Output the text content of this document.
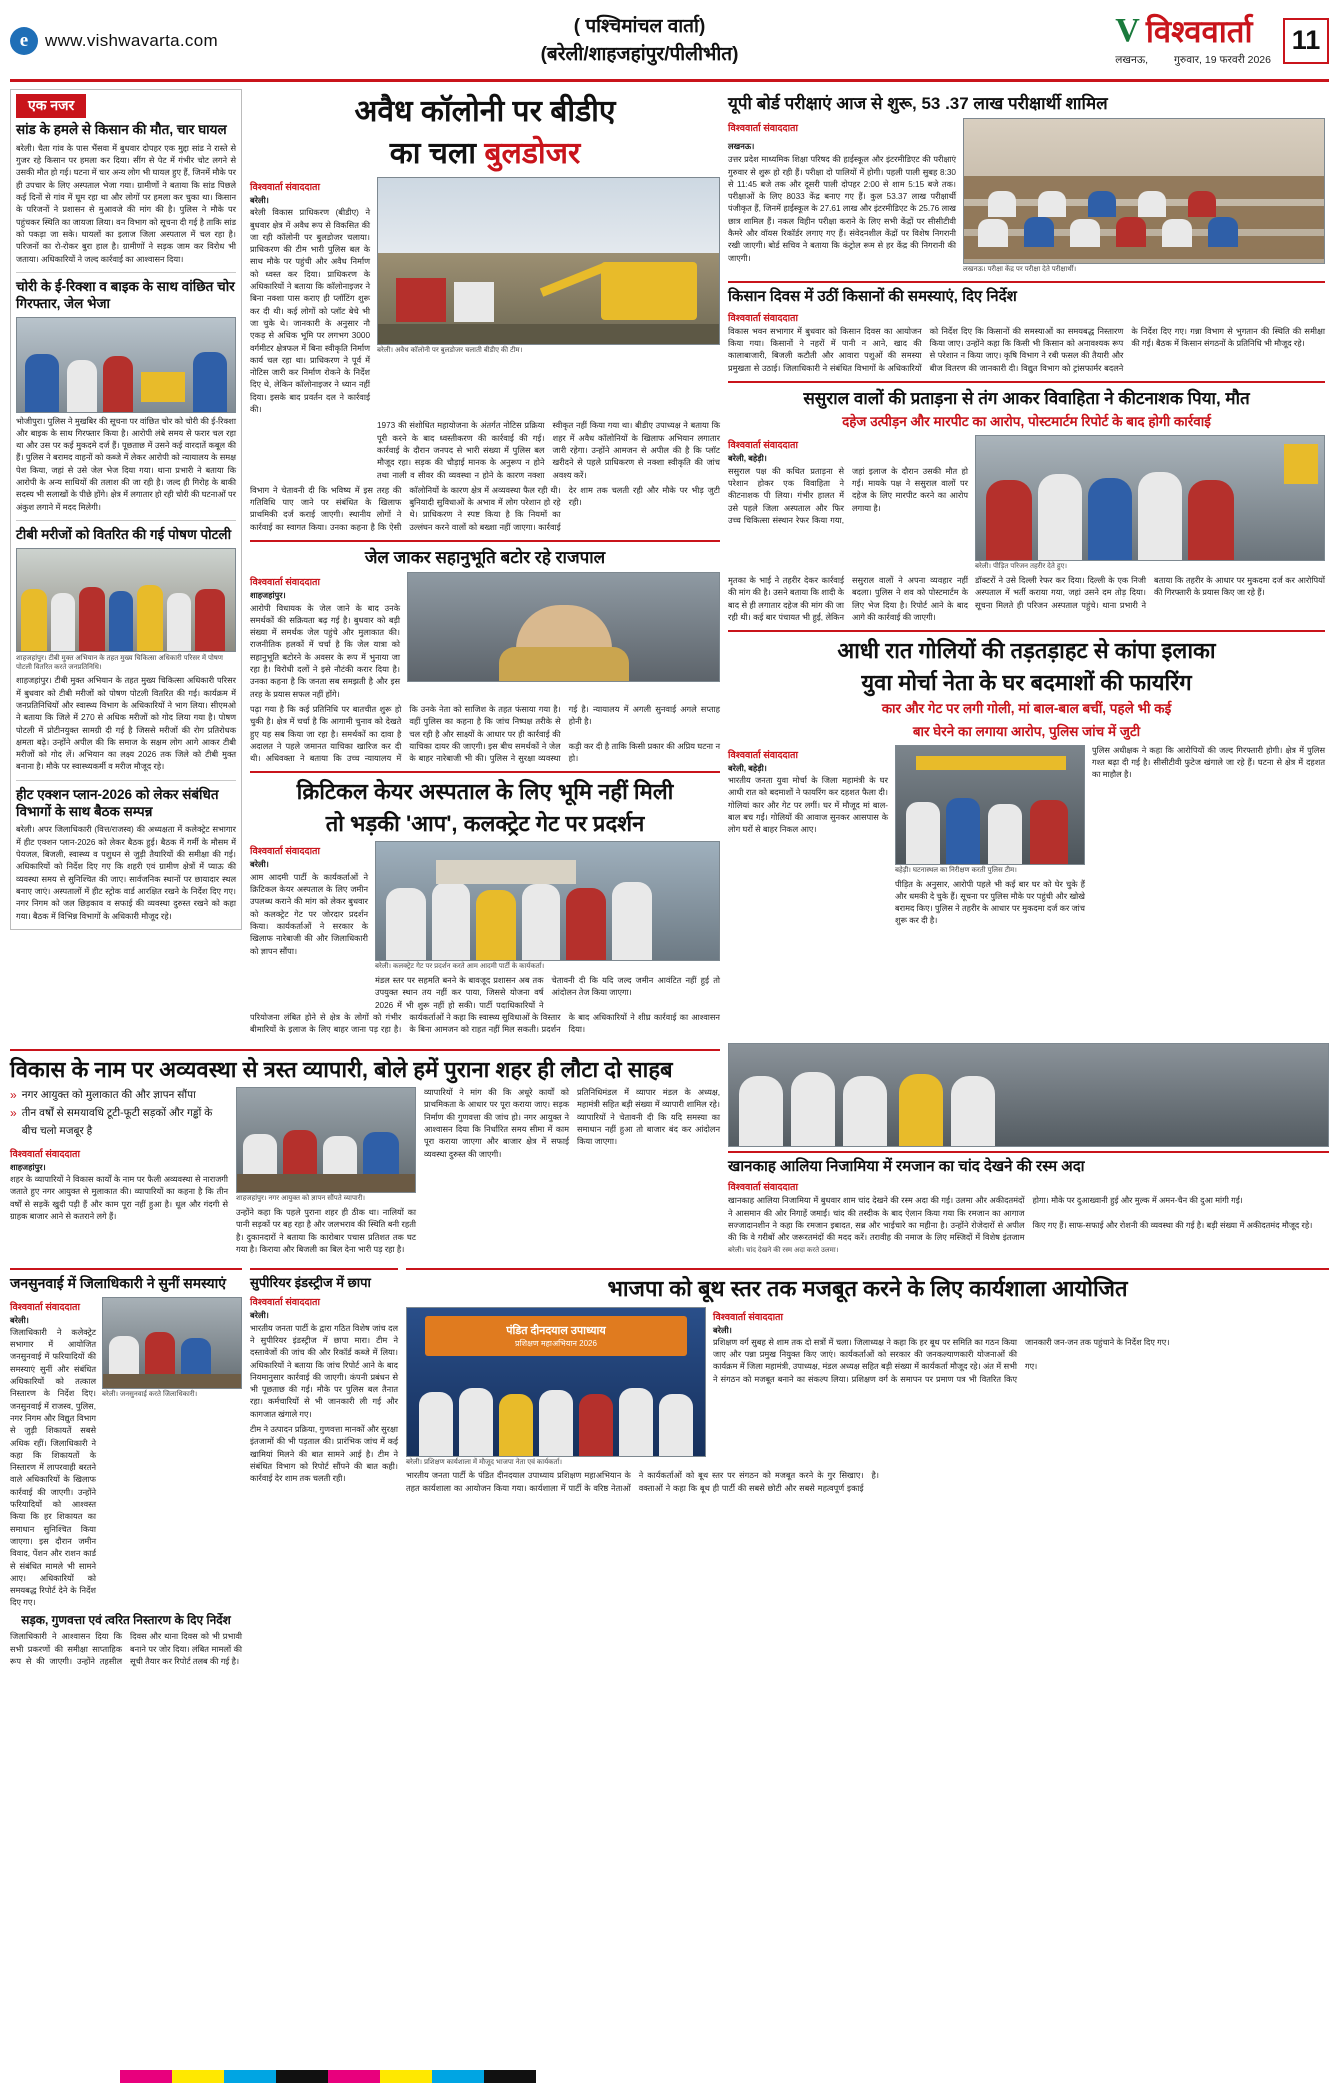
e www.vishwavarta.com
( पश्चिमांचल वार्ता)
(बरेली/शाहजहांपुर/पीलीभीत)
V विश्ववार्ता
लखनऊ, गुरुवार, 19 फरवरी 2026
11
एक नजर
सांड के हमले से किसान की मौत, चार घायल
बरेली। चैता गांव के पास भैंसवा में बुधवार दोपहर एक मुद्दा सांड ने रास्ते से गुजर रहे किसान पर हमला कर दिया। सींग से पेट में गंभीर चोट लगने से उसकी मौत हो गई। घटना में चार अन्य लोग भी घायल हुए हैं, जिनमें मौके पर ही उपचार के लिए अस्पताल भेजा गया। ग्रामीणों ने बताया कि सांड पिछले कई दिनों से गांव में घूम रहा था और लोगों पर हमला कर चुका था। किसान के परिजनों ने प्रशासन से मुआवजे की मांग की है। पुलिस ने मौके पर पहुंचकर स्थिति का जायजा लिया। वन विभाग को सूचना दी गई है ताकि सांड को पकड़ा जा सके। घायलों का इलाज जिला अस्पताल में चल रहा है। परिजनों का रो-रोकर बुरा हाल है। ग्रामीणों ने सड़क जाम कर विरोध भी जताया। अधिकारियों ने जल्द कार्रवाई का आश्वासन दिया।
चोरी के ई-रिक्शा व बाइक के साथ वांछित चोर गिरफ्तार, जेल भेजा
भोजीपुरा। पुलिस ने मुखबिर की सूचना पर वांछित चोर को चोरी की ई-रिक्शा और बाइक के साथ गिरफ्तार किया है। आरोपी लंबे समय से फरार चल रहा था और उस पर कई मुकदमे दर्ज हैं। पूछताछ में उसने कई वारदातें कबूल की हैं। पुलिस ने बरामद वाहनों को कब्जे में लेकर आरोपी को न्यायालय के समक्ष पेश किया, जहां से उसे जेल भेज दिया गया। थाना प्रभारी ने बताया कि आरोपी के अन्य साथियों की तलाश की जा रही है। जल्द ही गिरोह के बाकी सदस्य भी सलाखों के पीछे होंगे। क्षेत्र में लगातार हो रही चोरी की घटनाओं पर अंकुश लगाने में मदद मिलेगी।
टीबी मरीजों को वितरित की गई पोषण पोटली
शाहजहांपुर। टीबी मुक्त अभियान के तहत मुख्य चिकित्सा अधिकारी परिसर में पोषण पोटली वितरित करते जनप्रतिनिधि।
शाहजहांपुर। टीबी मुक्त अभियान के तहत मुख्य चिकित्सा अधिकारी परिसर में बुधवार को टीबी मरीजों को पोषण पोटली वितरित की गई। कार्यक्रम में जनप्रतिनिधियों और स्वास्थ्य विभाग के अधिकारियों ने भाग लिया। सीएमओ ने बताया कि जिले में 270 से अधिक मरीजों को गोद लिया गया है। पोषण पोटली में प्रोटीनयुक्त सामग्री दी गई है जिससे मरीजों की रोग प्रतिरोधक क्षमता बढ़े। उन्होंने अपील की कि समाज के सक्षम लोग आगे आकर टीबी मरीजों को गोद लें। अभियान का लक्ष्य 2026 तक जिले को टीबी मुक्त बनाना है। मौके पर स्वास्थ्यकर्मी व मरीज मौजूद रहे।
हीट एक्शन प्लान-2026 को लेकर संबंधित विभागों के साथ बैठक सम्पन्न
बरेली। अपर जिलाधिकारी (वित्त/राजस्व) की अध्यक्षता में कलेक्ट्रेट सभागार में हीट एक्शन प्लान-2026 को लेकर बैठक हुई। बैठक में गर्मी के मौसम में पेयजल, बिजली, स्वास्थ्य व पशुधन से जुड़ी तैयारियों की समीक्षा की गई। अधिकारियों को निर्देश दिए गए कि शहरी एवं ग्रामीण क्षेत्रों में प्याऊ की व्यवस्था समय से सुनिश्चित की जाए। सार्वजनिक स्थानों पर छायादार स्थल बनाए जाएं। अस्पतालों में हीट स्ट्रोक वार्ड आरक्षित रखने के निर्देश दिए गए। नगर निगम को जल छिड़काव व सफाई की व्यवस्था दुरुस्त रखने को कहा गया। बैठक में विभिन्न विभागों के अधिकारी मौजूद रहे।
अवैध कॉलोनी पर बीडीए
का चला बुलडोजर
विश्ववार्ता संवाददाता
बरेली।
बरेली विकास प्राधिकरण (बीडीए) ने बुधवार क्षेत्र में अवैध रूप से विकसित की जा रही कॉलोनी पर बुलडोजर चलाया। प्राधिकरण की टीम भारी पुलिस बल के साथ मौके पर पहुंची और अवैध निर्माण को ध्वस्त कर दिया। प्राधिकरण के अधिकारियों ने बताया कि कॉलोनाइजर ने बिना नक्शा पास कराए ही प्लॉटिंग शुरू कर दी थी। कई लोगों को प्लॉट बेचे भी जा चुके थे। जानकारी के अनुसार नौ एकड़ से अधिक भूमि पर लगभग 3000 वर्गमीटर क्षेत्रफल में बिना स्वीकृति निर्माण कार्य चल रहा था। प्राधिकरण ने पूर्व में नोटिस जारी कर निर्माण रोकने के निर्देश दिए थे, लेकिन कॉलोनाइजर ने ध्यान नहीं दिया। इसके बाद प्रवर्तन दल ने कार्रवाई की।
बरेली। अवैध कॉलोनी पर बुलडोजर चलाती बीडीए की टीम।
1973 की संशोधित महायोजना के अंतर्गत नोटिस प्रक्रिया पूरी करने के बाद ध्वस्तीकरण की कार्रवाई की गई। कार्रवाई के दौरान जनपद से भारी संख्या में पुलिस बल मौजूद रहा। सड़क की चौड़ाई मानक के अनुरूप न होने तथा नाली व सीवर की व्यवस्था न होने के कारण नक्शा स्वीकृत नहीं किया गया था। बीडीए उपाध्यक्ष ने बताया कि शहर में अवैध कॉलोनियों के खिलाफ अभियान लगातार जारी रहेगा। उन्होंने आमजन से अपील की है कि प्लॉट खरीदने से पहले प्राधिकरण से नक्शा स्वीकृति की जांच अवश्य करें।
विभाग ने चेतावनी दी कि भविष्य में इस तरह की गतिविधि पाए जाने पर संबंधित के खिलाफ प्राथमिकी दर्ज कराई जाएगी। स्थानीय लोगों ने कार्रवाई का स्वागत किया। उनका कहना है कि ऐसी कॉलोनियों के कारण क्षेत्र में अव्यवस्था फैल रही थी। बुनियादी सुविधाओं के अभाव में लोग परेशान हो रहे थे। प्राधिकरण ने स्पष्ट किया है कि नियमों का उल्लंघन करने वालों को बख्शा नहीं जाएगा। कार्रवाई देर शाम तक चलती रही और मौके पर भीड़ जुटी रही।
जेल जाकर सहानुभूति बटोर रहे राजपाल
विश्ववार्ता संवाददाता
शाहजहांपुर।
आरोपी विधायक के जेल जाने के बाद उनके समर्थकों की सक्रियता बढ़ गई है। बुधवार को बड़ी संख्या में समर्थक जेल पहुंचे और मुलाकात की। राजनीतिक हलकों में चर्चा है कि जेल यात्रा को सहानुभूति बटोरने के अवसर के रूप में भुनाया जा रहा है। विरोधी दलों ने इसे नौटंकी करार दिया है। उनका कहना है कि जनता सब समझती है और इस तरह के प्रयास सफल नहीं होंगे।
पढ़ा गया है कि कई प्रतिनिधि पर बातचीत शुरू हो चुकी है। क्षेत्र में चर्चा है कि आगामी चुनाव को देखते हुए यह सब किया जा रहा है। समर्थकों का दावा है कि उनके नेता को साजिश के तहत फंसाया गया है। वहीं पुलिस का कहना है कि जांच निष्पक्ष तरीके से चल रही है और साक्ष्यों के आधार पर ही कार्रवाई की गई है। न्यायालय में अगली सुनवाई अगले सप्ताह होनी है।
अदालत ने पहले जमानत याचिका खारिज कर दी थी। अधिवक्ता ने बताया कि उच्च न्यायालय में याचिका दायर की जाएगी। इस बीच समर्थकों ने जेल के बाहर नारेबाजी भी की। पुलिस ने सुरक्षा व्यवस्था कड़ी कर दी है ताकि किसी प्रकार की अप्रिय घटना न हो।
क्रिटिकल केयर अस्पताल के लिए भूमि नहीं मिली
तो भड़की 'आप', कलक्ट्रेट गेट पर प्रदर्शन
विश्ववार्ता संवाददाता
बरेली।
आम आदमी पार्टी के कार्यकर्ताओं ने क्रिटिकल केयर अस्पताल के लिए जमीन उपलब्ध कराने की मांग को लेकर बुधवार को कलक्ट्रेट गेट पर जोरदार प्रदर्शन किया। कार्यकर्ताओं ने सरकार के खिलाफ नारेबाजी की और जिलाधिकारी को ज्ञापन सौंपा।
बरेली। कलक्ट्रेट गेट पर प्रदर्शन करते आम आदमी पार्टी के कार्यकर्ता।
मंडल स्तर पर सहमति बनने के बावजूद प्रशासन अब तक उपयुक्त स्थान तय नहीं कर पाया, जिससे योजना वर्ष 2026 में भी शुरू नहीं हो सकी। पार्टी पदाधिकारियों ने चेतावनी दी कि यदि जल्द जमीन आवंटित नहीं हुई तो आंदोलन तेज किया जाएगा।
परियोजना लंबित होने से क्षेत्र के लोगों को गंभीर बीमारियों के इलाज के लिए बाहर जाना पड़ रहा है। कार्यकर्ताओं ने कहा कि स्वास्थ्य सुविधाओं के विस्तार के बिना आमजन को राहत नहीं मिल सकती। प्रदर्शन के बाद अधिकारियों ने शीघ्र कार्रवाई का आश्वासन दिया।
यूपी बोर्ड परीक्षाएं आज से शुरू, 53 .37 लाख परीक्षार्थी शामिल
विश्ववार्ता संवाददाता
लखनऊ।
उत्तर प्रदेश माध्यमिक शिक्षा परिषद की हाईस्कूल और इंटरमीडिएट की परीक्षाएं गुरुवार से शुरू हो रही हैं। परीक्षा दो पालियों में होगी। पहली पाली सुबह 8:30 से 11:45 बजे तक और दूसरी पाली दोपहर 2:00 से शाम 5:15 बजे तक। परीक्षाओं के लिए 8033 केंद्र बनाए गए हैं। कुल 53.37 लाख परीक्षार्थी पंजीकृत हैं, जिनमें हाईस्कूल के 27.61 लाख और इंटरमीडिएट के 25.76 लाख छात्र शामिल हैं। नकल विहीन परीक्षा कराने के लिए सभी केंद्रों पर सीसीटीवी कैमरे और वॉयस रिकॉर्डर लगाए गए हैं। संवेदनशील केंद्रों पर विशेष निगरानी रखी जाएगी। बोर्ड सचिव ने बताया कि कंट्रोल रूम से हर केंद्र की निगरानी की जाएगी।
लखनऊ। परीक्षा केंद्र पर परीक्षा देते परीक्षार्थी।
किसान दिवस में उठीं किसानों की समस्याएं, दिए निर्देश
विश्ववार्ता संवाददाता
विकास भवन सभागार में बुधवार को किसान दिवस का आयोजन किया गया। किसानों ने नहरों में पानी न आने, खाद की कालाबाजारी, बिजली कटौती और आवारा पशुओं की समस्या प्रमुखता से उठाई। जिलाधिकारी ने संबंधित विभागों के अधिकारियों को निर्देश दिए कि किसानों की समस्याओं का समयबद्ध निस्तारण किया जाए। उन्होंने कहा कि किसी भी किसान को अनावश्यक रूप से परेशान न किया जाए। कृषि विभाग ने रबी फसल की तैयारी और बीज वितरण की जानकारी दी। विद्युत विभाग को ट्रांसफार्मर बदलने के निर्देश दिए गए। गन्ना विभाग से भुगतान की स्थिति की समीक्षा की गई। बैठक में किसान संगठनों के प्रतिनिधि भी मौजूद रहे।
ससुराल वालों की प्रताड़ना से तंग आकर विवाहिता ने कीटनाशक पिया, मौत
दहेज उत्पीड़न और मारपीट का आरोप, पोस्टमार्टम रिपोर्ट के बाद होगी कार्रवाई
विश्ववार्ता संवाददाता
बरेली, बहेड़ी।
ससुराल पक्ष की कथित प्रताड़ना से परेशान होकर एक विवाहिता ने कीटनाशक पी लिया। गंभीर हालत में उसे पहले जिला अस्पताल और फिर उच्च चिकित्सा संस्थान रेफर किया गया, जहां इलाज के दौरान उसकी मौत हो गई। मायके पक्ष ने ससुराल वालों पर दहेज के लिए मारपीट करने का आरोप लगाया है।
बरेली। पीड़ित परिजन तहरीर देते हुए।
मृतका के भाई ने तहरीर देकर कार्रवाई की मांग की है। उसने बताया कि शादी के बाद से ही लगातार दहेज की मांग की जा रही थी। कई बार पंचायत भी हुई, लेकिन ससुराल वालों ने अपना व्यवहार नहीं बदला। पुलिस ने शव को पोस्टमार्टम के लिए भेज दिया है। रिपोर्ट आने के बाद आगे की कार्रवाई की जाएगी।
डॉक्टरों ने उसे दिल्ली रेफर कर दिया। दिल्ली के एक निजी अस्पताल में भर्ती कराया गया, जहां उसने दम तोड़ दिया। सूचना मिलते ही परिजन अस्पताल पहुंचे। थाना प्रभारी ने बताया कि तहरीर के आधार पर मुकदमा दर्ज कर आरोपियों की गिरफ्तारी के प्रयास किए जा रहे हैं।
आधी रात गोलियों की तड़तड़ाहट से कांपा इलाका
युवा मोर्चा नेता के घर बदमाशों की फायरिंग
कार और गेट पर लगी गोली, मां बाल-बाल बचीं, पहले भी कई
बार घेरने का लगाया आरोप, पुलिस जांच में जुटी
विश्ववार्ता संवाददाता
बरेली, बहेड़ी।
भारतीय जनता युवा मोर्चा के जिला महामंत्री के घर आधी रात को बदमाशों ने फायरिंग कर दहशत फैला दी। गोलियां कार और गेट पर लगीं। घर में मौजूद मां बाल-बाल बच गईं। गोलियों की आवाज सुनकर आसपास के लोग घरों से बाहर निकल आए।
बहेड़ी। घटनास्थल का निरीक्षण करती पुलिस टीम।
पीड़ित के अनुसार, आरोपी पहले भी कई बार घर को घेर चुके हैं और धमकी दे चुके हैं। सूचना पर पुलिस मौके पर पहुंची और खोखे बरामद किए। पुलिस ने तहरीर के आधार पर मुकदमा दर्ज कर जांच शुरू कर दी है।
पुलिस अधीक्षक ने कहा कि आरोपियों की जल्द गिरफ्तारी होगी। क्षेत्र में पुलिस गश्त बढ़ा दी गई है। सीसीटीवी फुटेज खंगाले जा रहे हैं। घटना से क्षेत्र में दहशत का माहौल है।
विकास के नाम पर अव्यवस्था से त्रस्त व्यापारी, बोले हमें पुराना शहर ही लौटा दो साहब
» नगर आयुक्त को मुलाकात की और ज्ञापन सौंपा
» तीन वर्षों से समयावधि टूटी-फूटी सड़कों और गड्ढों के बीच चलो मजबूर है
विश्ववार्ता संवाददाता
शाहजहांपुर।
शहर के व्यापारियों ने विकास कार्यों के नाम पर फैली अव्यवस्था से नाराजगी जताते हुए नगर आयुक्त से मुलाकात की। व्यापारियों का कहना है कि तीन वर्षों से सड़कें खुदी पड़ी हैं और काम पूरा नहीं हुआ है। धूल और गंदगी से ग्राहक बाजार आने से कतराने लगे हैं।
शाहजहांपुर। नगर आयुक्त को ज्ञापन सौंपते व्यापारी।
उन्होंने कहा कि पहले पुराना शहर ही ठीक था। नालियों का पानी सड़कों पर बह रहा है और जलभराव की स्थिति बनी रहती है। दुकानदारों ने बताया कि कारोबार पचास प्रतिशत तक घट गया है। किराया और बिजली का बिल देना भारी पड़ रहा है।
व्यापारियों ने मांग की कि अधूरे कार्यों को प्राथमिकता के आधार पर पूरा कराया जाए। सड़क निर्माण की गुणवत्ता की जांच हो। नगर आयुक्त ने आश्वासन दिया कि निर्धारित समय सीमा में काम पूरा कराया जाएगा और बाजार क्षेत्र में सफाई व्यवस्था दुरुस्त की जाएगी।
प्रतिनिधिमंडल में व्यापार मंडल के अध्यक्ष, महामंत्री सहित बड़ी संख्या में व्यापारी शामिल रहे। व्यापारियों ने चेतावनी दी कि यदि समस्या का समाधान नहीं हुआ तो बाजार बंद कर आंदोलन किया जाएगा।
खानकाह आलिया निजामिया में रमजान का चांद देखने की रस्म अदा
विश्ववार्ता संवाददाता
खानकाह आलिया निजामिया में बुधवार शाम चांद देखने की रस्म अदा की गई। उलमा और अकीदतमंदों ने आसमान की ओर निगाहें जमाईं। चांद की तस्दीक के बाद ऐलान किया गया कि रमजान का आगाज होगा। मौके पर दुआख्वानी हुई और मुल्क में अमन-चैन की दुआ मांगी गई।
सज्जादानशीन ने कहा कि रमजान इबादत, सब्र और भाईचारे का महीना है। उन्होंने रोजेदारों से अपील की कि वे गरीबों और जरूरतमंदों की मदद करें। तरावीह की नमाज के लिए मस्जिदों में विशेष इंतजाम किए गए हैं। साफ-सफाई और रोशनी की व्यवस्था की गई है। बड़ी संख्या में अकीदतमंद मौजूद रहे।
बरेली। चांद देखने की रस्म अदा करते उलमा।
जनसुनवाई में जिलाधिकारी ने सुनीं समस्याएं
विश्ववार्ता संवाददाता
बरेली।
जिलाधिकारी ने कलेक्ट्रेट सभागार में आयोजित जनसुनवाई में फरियादियों की समस्याएं सुनीं और संबंधित अधिकारियों को तत्काल निस्तारण के निर्देश दिए। जनसुनवाई में राजस्व, पुलिस, नगर निगम और विद्युत विभाग से जुड़ी शिकायतें सबसे अधिक रहीं। जिलाधिकारी ने कहा कि शिकायतों के निस्तारण में लापरवाही बरतने वाले अधिकारियों के खिलाफ कार्रवाई की जाएगी। उन्होंने फरियादियों को आश्वस्त किया कि हर शिकायत का समाधान सुनिश्चित किया जाएगा। इस दौरान जमीन विवाद, पेंशन और राशन कार्ड से संबंधित मामले भी सामने आए। अधिकारियों को समयबद्ध रिपोर्ट देने के निर्देश दिए गए।
बरेली। जनसुनवाई करते जिलाधिकारी।
सड़क, गुणवत्ता एवं त्वरित निस्तारण के दिए निर्देश
जिलाधिकारी ने आश्वासन दिया कि सभी प्रकरणों की समीक्षा साप्ताहिक रूप से की जाएगी। उन्होंने तहसील दिवस और थाना दिवस को भी प्रभावी बनाने पर जोर दिया। लंबित मामलों की सूची तैयार कर रिपोर्ट तलब की गई है।
सुपीरियर इंडस्ट्रीज में छापा
विश्ववार्ता संवाददाता
बरेली।
भारतीय जनता पार्टी के द्वारा गठित विशेष जांच दल ने सुपीरियर इंडस्ट्रीज में छापा मारा। टीम ने दस्तावेजों की जांच की और रिकॉर्ड कब्जे में लिया। अधिकारियों ने बताया कि जांच रिपोर्ट आने के बाद नियमानुसार कार्रवाई की जाएगी। कंपनी प्रबंधन से भी पूछताछ की गई। मौके पर पुलिस बल तैनात रहा। कर्मचारियों से भी जानकारी ली गई और कागजात खंगाले गए।
टीम ने उत्पादन प्रक्रिया, गुणवत्ता मानकों और सुरक्षा इंतजामों की भी पड़ताल की। प्रारंभिक जांच में कई खामियां मिलने की बात सामने आई है। टीम ने संबंधित विभाग को रिपोर्ट सौंपने की बात कही। कार्रवाई देर शाम तक चलती रही।
भाजपा को बूथ स्तर तक मजबूत करने के लिए कार्यशाला आयोजित
पंडित दीनदयाल उपाध्याय
प्रशिक्षण महाअभियान 2026
बरेली। प्रशिक्षण कार्यशाला में मौजूद भाजपा नेता एवं कार्यकर्ता।
विश्ववार्ता संवाददाता
बरेली।
प्रशिक्षण वर्ग सुबह से शाम तक दो सत्रों में चला। जिलाध्यक्ष ने कहा कि हर बूथ पर समिति का गठन किया जाए और पन्ना प्रमुख नियुक्त किए जाएं। कार्यकर्ताओं को सरकार की जनकल्याणकारी योजनाओं की जानकारी जन-जन तक पहुंचाने के निर्देश दिए गए।
कार्यक्रम में जिला महामंत्री, उपाध्यक्ष, मंडल अध्यक्ष सहित बड़ी संख्या में कार्यकर्ता मौजूद रहे। अंत में सभी ने संगठन को मजबूत बनाने का संकल्प लिया। प्रशिक्षण वर्ग के समापन पर प्रमाण पत्र भी वितरित किए गए।
भारतीय जनता पार्टी के पंडित दीनदयाल उपाध्याय प्रशिक्षण महाअभियान के तहत कार्यशाला का आयोजन किया गया। कार्यशाला में पार्टी के वरिष्ठ नेताओं ने कार्यकर्ताओं को बूथ स्तर पर संगठन को मजबूत करने के गुर सिखाए। वक्ताओं ने कहा कि बूथ ही पार्टी की सबसे छोटी और सबसे महत्वपूर्ण इकाई है।
